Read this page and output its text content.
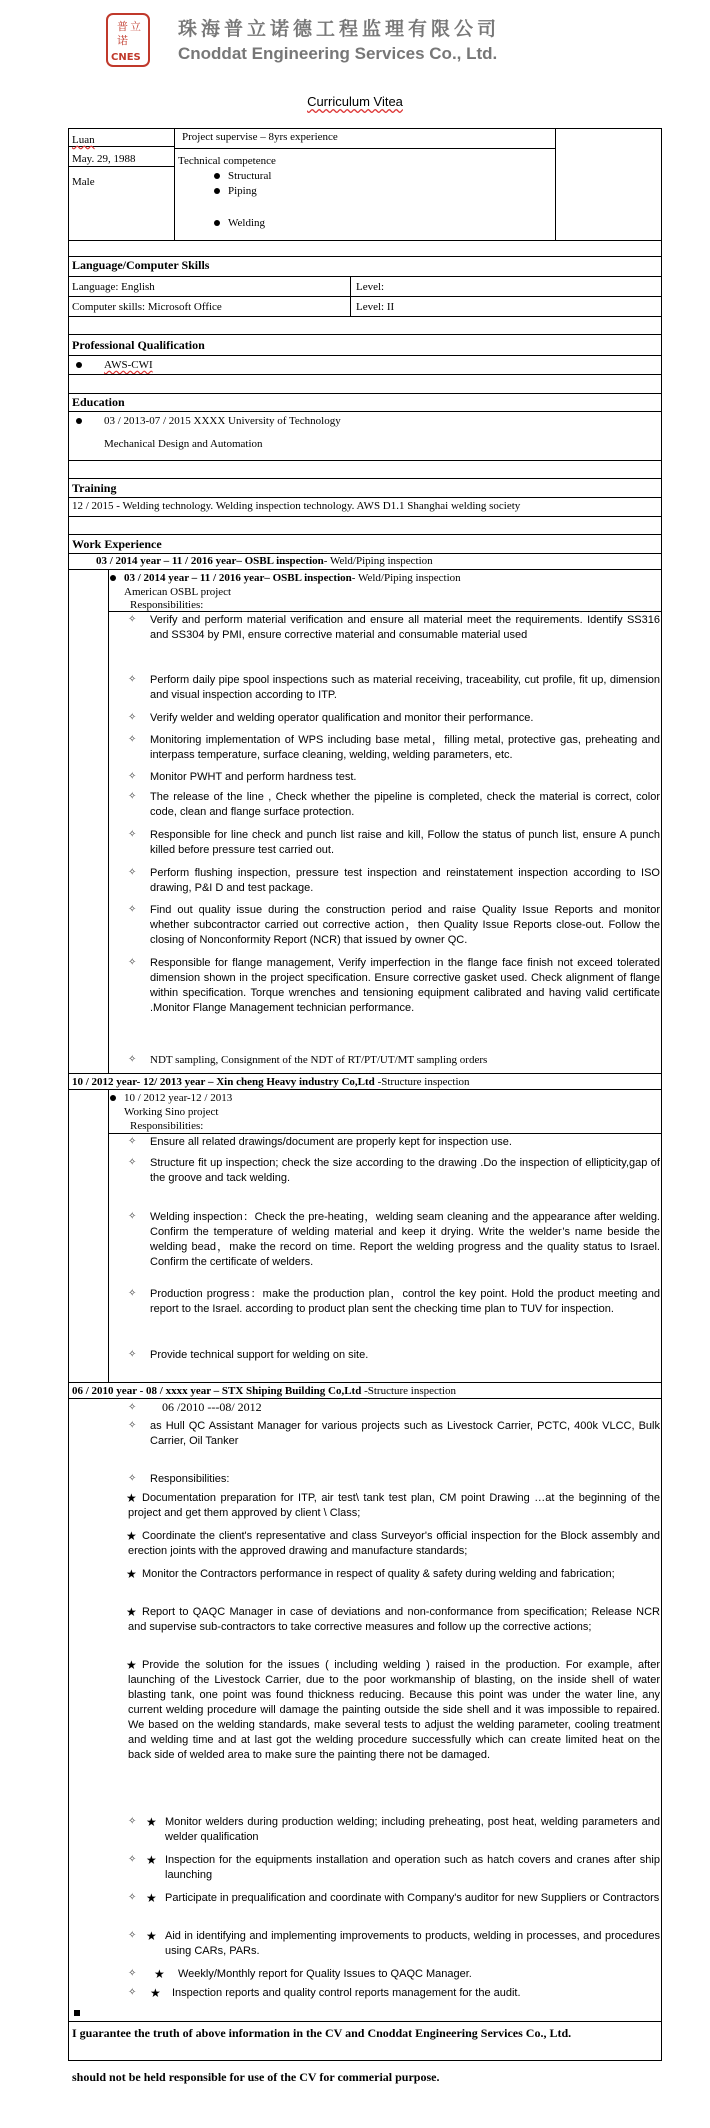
普 立
诺
CNES
珠海普立诺德工程监理有限公司
Cnoddat Engineering Services Co., Ltd.
Curriculum Vitea
Luan	Project supervise – 8yrs experience
May. 29, 1988	Technical competence
Male	Structural
Piping
Welding
Language/Computer Skills
Language: English	Level:
Computer skills: Microsoft Office	Level: II
Professional Qualification
AWS-CWI
Education
03 / 2013-07 / 2015 XXXX University of Technology
Mechanical Design and Automation
Training
12 / 2015 - Welding technology. Welding inspection technology. AWS D1.1 Shanghai welding society
Work Experience
03 / 2014 year – 11 / 2016 year– OSBL inspection- Weld/Piping inspection
03 / 2014 year – 11 / 2016 year– OSBL inspection- Weld/Piping inspection
American OSBL project
Responsibilities:
✧ Verify and perform material verification and ensure all material meet the requirements. Identify SS316 and SS304 by PMI, ensure corrective material and consumable material used
✧ Perform daily pipe spool inspections such as material receiving, traceability, cut profile, fit up, dimension and visual inspection according to ITP.
✧ Verify welder and welding operator qualification and monitor their performance.
✧ Monitoring implementation of WPS including base metal，filling metal, protective gas, preheating and interpass temperature, surface cleaning, welding, welding parameters, etc.
✧ Monitor PWHT and perform hardness test.
✧ The release of the line , Check whether the pipeline is completed, check the material is correct, color code, clean and flange surface protection.
✧ Responsible for line check and punch list raise and kill, Follow the status of punch list, ensure A punch killed before pressure test carried out.
✧ Perform flushing inspection, pressure test inspection and reinstatement inspection according to ISO drawing, P&I D and test package.
✧ Find out quality issue during the construction period and raise Quality Issue Reports and monitor whether subcontractor carried out corrective action，then Quality Issue Reports close-out. Follow the closing of Nonconformity Report (NCR) that issued by owner QC.
✧ Responsible for flange management, Verify imperfection in the flange face finish not exceed tolerated dimension shown in the project specification. Ensure corrective gasket used. Check alignment of flange within specification. Torque wrenches and tensioning equipment calibrated and having valid certificate .Monitor Flange Management technician performance.
✧ NDT sampling, Consignment of the NDT of RT/PT/UT/MT sampling orders
10 / 2012 year- 12/ 2013 year – Xin cheng Heavy industry Co,Ltd -Structure inspection
10 / 2012 year-12 / 2013
Working Sino project
Responsibilities:
✧ Ensure all related drawings/document are properly kept for inspection use.
✧ Structure fit up inspection; check the size according to the drawing .Do the inspection of ellipticity,gap of the groove and tack welding.
✧ Welding inspection：Check the pre-heating，welding seam cleaning and the appearance after welding. Confirm the temperature of welding material and keep it drying. Write the welder’s name beside the welding bead，make the record on time. Report the welding progress and the quality status to Israel. Confirm the certificate of welders.
✧ Production progress：make the production plan，control the key point. Hold the product meeting and report to the Israel. according to product plan sent the checking time plan to TUV for inspection.
✧ Provide technical support for welding on site.
06 / 2010 year - 08 / xxxx year – STX Shiping Building Co,Ltd -Structure inspection
✧ 06 /2010 ---08/ 2012
✧ as Hull QC Assistant Manager for various projects such as Livestock Carrier, PCTC, 400k VLCC, Bulk Carrier, Oil Tanker
✧ Responsibilities:
★ Documentation preparation for ITP, air test\ tank test plan, CM point Drawing …at the beginning of the project and get them approved by client \ Class;
★ Coordinate the client's representative and class Surveyor's official inspection for the Block assembly and erection joints with the approved drawing and manufacture standards;
★ Monitor the Contractors performance in respect of quality & safety during welding and fabrication;
★ Report to QAQC Manager in case of deviations and non-conformance from specification; Release NCR and supervise sub-contractors to take corrective measures and follow up the corrective actions;
★ Provide the solution for the issues ( including welding ) raised in the production. For example, after launching of the Livestock Carrier, due to the poor workmanship of blasting, on the inside shell of water blasting tank, one point was found thickness reducing. Because this point was under the water line, any current welding procedure will damage the painting outside the side shell and it was impossible to repaired. We based on the welding standards, make several tests to adjust the welding parameter, cooling treatment and welding time and at last got the welding procedure successfully which can create limited heat on the back side of welded area to make sure the painting there not be damaged.
✧ ★ Monitor welders during production welding; including preheating, post heat, welding parameters and welder qualification
✧ ★ Inspection for the equipments installation and operation such as hatch covers and cranes after ship launching
✧ ★ Participate in prequalification and coordinate with Company's auditor for new Suppliers or Contractors
✧ ★ Aid in identifying and implementing improvements to products, welding in processes, and procedures using CARs, PARs.
✧ ★ Weekly/Monthly report for Quality Issues to QAQC Manager.
✧ ★ Inspection reports and quality control reports management for the audit.
I guarantee the truth of above information in the CV and Cnoddat Engineering Services Co., Ltd.
should not be held responsible for use of the CV for commerial purpose.
